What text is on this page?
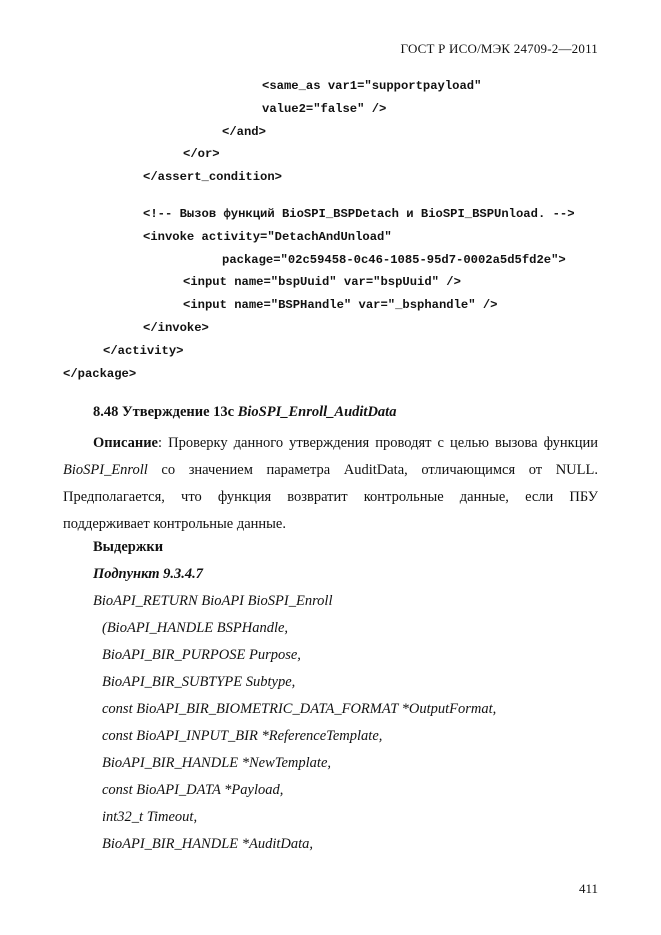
ГОСТ Р ИСО/МЭК 24709-2—2011
<same_as var1="supportpayload"
value2="false" />
</and>
</or>
</assert_condition>
<!-- Вызов функций BioSPI_BSPDetach и BioSPI_BSPUnload. -->
<invoke activity="DetachAndUnload"
package="02c59458-0c46-1085-95d7-0002a5d5fd2e">
<input name="bspUuid" var="bspUuid" />
<input name="BSPHandle" var="_bsphandle" />
</invoke>
</activity>
</package>
8.48 Утверждение 13с BioSPI_Enroll_AuditData
Описание: Проверку данного утверждения проводят с целью вызова функции BioSPI_Enroll со значением параметра AuditData, отличающимся от NULL. Предполагается, что функция возвратит контрольные данные, если ПБУ поддерживает контрольные данные.
Выдержки
Подпункт 9.3.4.7
BioAPI_RETURN BioAPI BioSPI_Enroll
(BioAPI_HANDLE BSPHandle,
BioAPI_BIR_PURPOSE Purpose,
BioAPI_BIR_SUBTYPE Subtype,
const BioAPI_BIR_BIOMETRIC_DATA_FORMAT *OutputFormat,
const BioAPI_INPUT_BIR *ReferenceTemplate,
BioAPI_BIR_HANDLE *NewTemplate,
const BioAPI_DATA *Payload,
int32_t Timeout,
BioAPI_BIR_HANDLE *AuditData,
411
